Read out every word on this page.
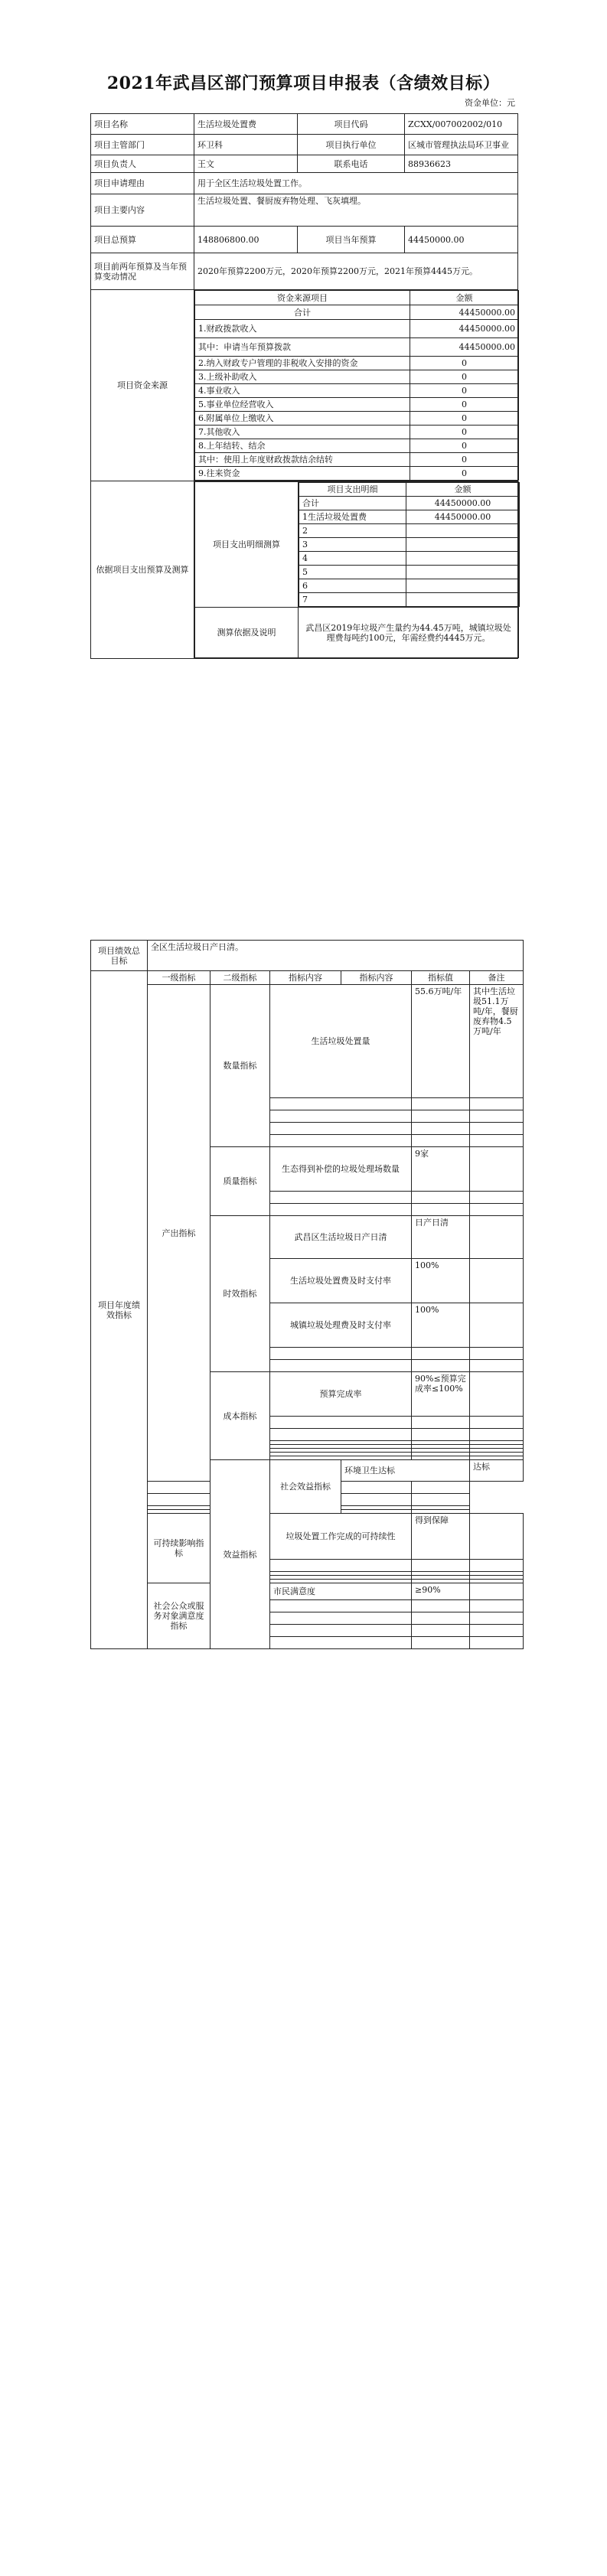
2021年武昌区部门预算项目申报表（含绩效目标）
资金单位：元
项目名称	生活垃圾处置费	项目代码	ZCXX/007002002/010
项目主管部门	环卫科	项目执行单位	区城市管理执法局环卫事业
项目负责人	王文	联系电话	88936623
项目申请理由	用于全区生活垃圾处置工作。
项目主要内容	生活垃圾处置、餐厨废弃物处理、飞灰填埋。
项目总预算	148806800.00	项目当年预算	44450000.00
项目前两年预算及当年预算变动情况	2020年预算2200万元，2020年预算2200万元，2021年预算4445万元。
项目资金来源	
资金来源项目	金额
合计	44450000.00
1.财政拨款收入	44450000.00
其中：申请当年预算拨款	44450000.00
2.纳入财政专户管理的非税收入安排的资金	0
3.上级补助收入	0
4.事业收入	0
5.事业单位经营收入	0
6.附属单位上缴收入	0
7.其他收入	0
8.上年结转、结余	0
其中：使用上年度财政拨款结余结转	0
9.往来资金	0

依据项目支出预算及测算	
项目支出明细测算	
项目支出明细	金额
合计	44450000.00
1生活垃圾处置费	44450000.00
2	
3	
4	
5	
6	
7	

测算依据及说明	武昌区2019年垃圾产生量约为44.45万吨，城镇垃圾处理费每吨约100元，年需经费约4445万元。
项目绩效总目标	全区生活垃圾日产日清。						
项目年度绩效指标	一级指标	二级指标	指标内容	指标内容	指标值	备注	
	产出指标	数量指标	生活垃圾处置量		55.6万吨/年	其中生活垃圾51.1万吨/年，餐厨废弃物4.5万吨/年	

		质量指标	生态得到补偿的垃圾处理场数量		9家		

		时效指标	武昌区生活垃圾日产日清		日产日清		
			生活垃圾处置费及时支付率		100%		
			城镇垃圾处理费及时支付率		100%		

		成本指标	预算完成率		90%≤预算完成率≤100%		

		效益指标	社会效益指标	环境卫生达标		达标	

	可持续影响指标		垃圾处置工作完成的可持续性		得到保障		

	社会公众或服务对象满意度指标		市民满意度		≥90%		
